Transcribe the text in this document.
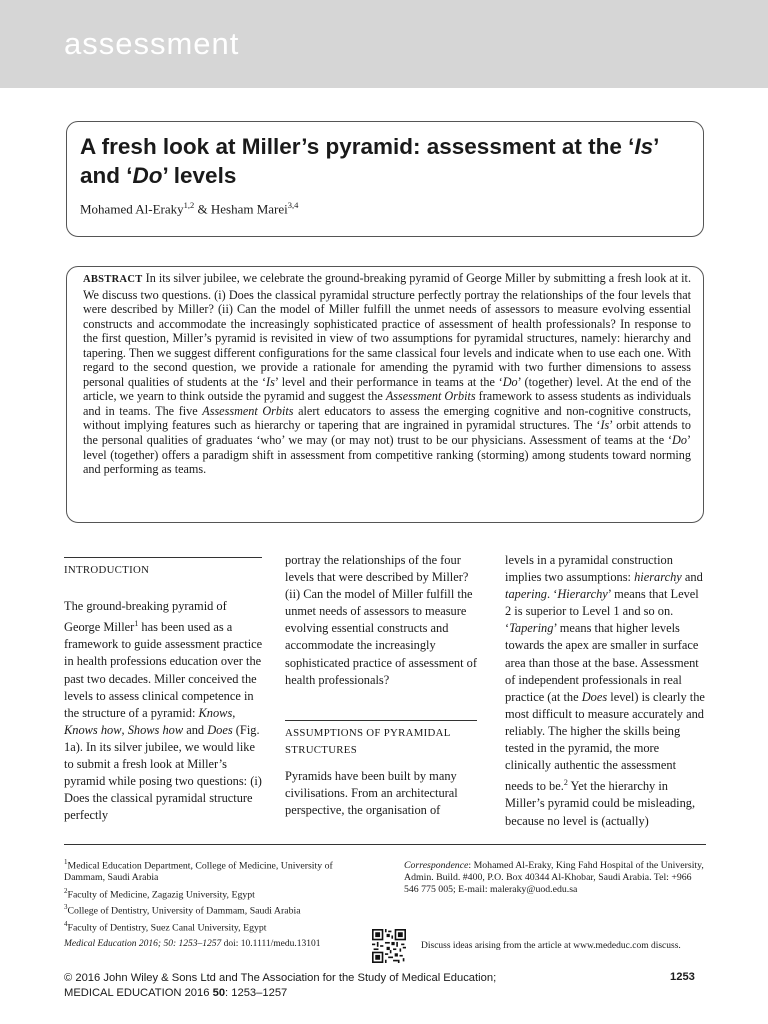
assessment
A fresh look at Miller’s pyramid: assessment at the ‘Is’
and ‘Do’ levels
Mohamed Al-Eraky$^{1,2}$ & Hesham Marei$^{3,4}$
ABSTRACT In its silver jubilee, we celebrate the ground-breaking pyramid of George Miller by submitting a fresh look at it. We discuss two questions. (i) Does the classical pyramidal structure perfectly portray the relationships of the four levels that were described by Miller? (ii) Can the model of Miller fulfill the unmet needs of assessors to measure evolving essential constructs and accommodate the increasingly sophisticated practice of assessment of health professionals? In response to the first question, Miller’s pyramid is revisited in view of two assumptions for pyramidal structures, namely: hierarchy and tapering. Then we suggest different configurations for the same classical four levels and indicate when to use each one. With regard to the second question, we provide a rationale for amending the pyramid with two further dimensions to assess personal qualities of students at the ‘Is’ level and their performance in teams at the ‘Do’ (together) level. At the end of the article, we yearn to think outside the pyramid and suggest the Assessment Orbits framework to assess students as individuals and in teams. The five Assessment Orbits alert educators to assess the emerging cognitive and non-cognitive constructs, without implying features such as hierarchy or tapering that are ingrained in pyramidal structures. The ‘Is’ orbit attends to the personal qualities of graduates ‘who’ we may (or may not) trust to be our physicians. Assessment of teams at the ‘Do’ level (together) offers a paradigm shift in assessment from competitive ranking (storming) among students toward norming and performing as teams.
INTRODUCTION

The ground-breaking pyramid of George Miller$^1$ has been used as a framework to guide assessment practice in health professions education over the past two decades. Miller conceived the levels to assess clinical competence in the structure of a pyramid: Knows, Knows how, Shows how and Does (Fig. 1a). In its silver jubilee, we would like to submit a fresh look at Miller’s pyramid while posing two questions: (i) Does the classical pyramidal structure perfectly

portray the relationships of the four levels that were described by Miller? (ii) Can the model of Miller fulfill the unmet needs of assessors to measure evolving essential constructs and accommodate the increasingly sophisticated practice of assessment of health professionals?

ASSUMPTIONS OF PYRAMIDAL STRUCTURES

Pyramids have been built by many civilisations. From an architectural perspective, the organisation of

levels in a pyramidal construction implies two assumptions: hierarchy and tapering. ‘Hierarchy’ means that Level 2 is superior to Level 1 and so on. ‘Tapering’ means that higher levels towards the apex are smaller in surface area than those at the base. Assessment of independent professionals in real practice (at the Does level) is clearly the most difficult to measure accurately and reliably. The higher the skills being tested in the pyramid, the more clinically authentic the assessment needs to be.$^2$ Yet the hierarchy in Miller’s pyramid could be misleading, because no level is (actually)

$^1$Medical Education Department, College of Medicine, University of Dammam, Saudi Arabia
$^2$Faculty of Medicine, Zagazig University, Egypt
$^3$College of Dentistry, University of Dammam, Saudi Arabia
$^4$Faculty of Dentistry, Suez Canal University, Egypt
Correspondence: Mohamed Al-Eraky, King Fahd Hospital of the University, Admin. Build. #400, P.O. Box 40344 Al-Khobar, Saudi Arabia. Tel: +966 546 775 005; E-mail: maleraky@uod.edu.sa
Medical Education 2016; 50: 1253–1257 doi: 10.1111/medu.13101	Discuss ideas arising from the article at www.mededuc.com discuss.
© 2016 John Wiley & Sons Ltd and The Association for the Study of Medical Education;
MEDICAL EDUCATION 2016 50: 1253–1257
1253
